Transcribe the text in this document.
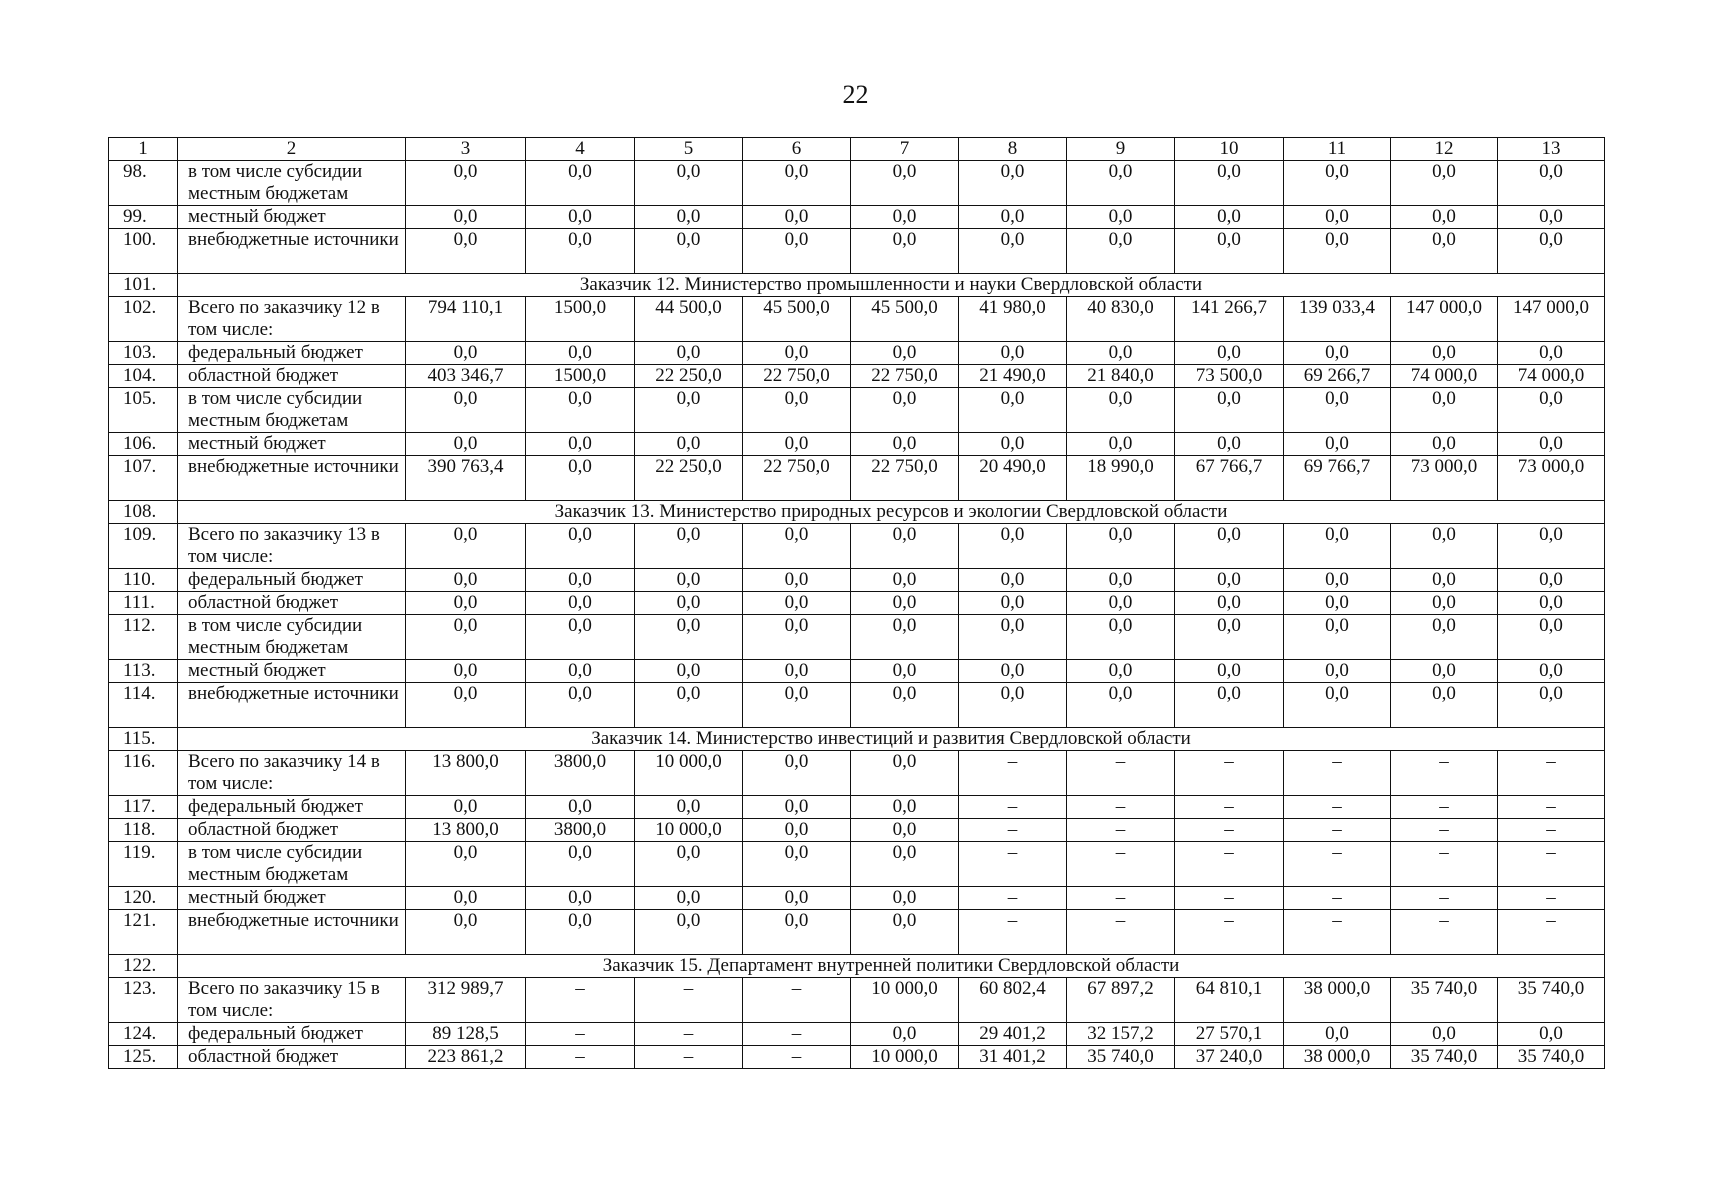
22
1	2	3	4	5	6	7	8	9	10	11	12	13
98.	в том числе субсидии местным бюджетам	0,0	0,0	0,0	0,0	0,0	0,0	0,0	0,0	0,0	0,0	0,0
99.	местный бюджет	0,0	0,0	0,0	0,0	0,0	0,0	0,0	0,0	0,0	0,0	0,0
100.	внебюджетные источники	0,0	0,0	0,0	0,0	0,0	0,0	0,0	0,0	0,0	0,0	0,0
101.	Заказчик 12. Министерство промышленности и науки Свердловской области											
102.	Всего по заказчику 12 в том числе:	794 110,1	1500,0	44 500,0	45 500,0	45 500,0	41 980,0	40 830,0	141 266,7	139 033,4	147 000,0	147 000,0
103.	федеральный бюджет	0,0	0,0	0,0	0,0	0,0	0,0	0,0	0,0	0,0	0,0	0,0
104.	областной бюджет	403 346,7	1500,0	22 250,0	22 750,0	22 750,0	21 490,0	21 840,0	73 500,0	69 266,7	74 000,0	74 000,0
105.	в том числе субсидии местным бюджетам	0,0	0,0	0,0	0,0	0,0	0,0	0,0	0,0	0,0	0,0	0,0
106.	местный бюджет	0,0	0,0	0,0	0,0	0,0	0,0	0,0	0,0	0,0	0,0	0,0
107.	внебюджетные источники	390 763,4	0,0	22 250,0	22 750,0	22 750,0	20 490,0	18 990,0	67 766,7	69 766,7	73 000,0	73 000,0
108.	Заказчик 13. Министерство природных ресурсов и экологии Свердловской области											
109.	Всего по заказчику 13 в том числе:	0,0	0,0	0,0	0,0	0,0	0,0	0,0	0,0	0,0	0,0	0,0
110.	федеральный бюджет	0,0	0,0	0,0	0,0	0,0	0,0	0,0	0,0	0,0	0,0	0,0
111.	областной бюджет	0,0	0,0	0,0	0,0	0,0	0,0	0,0	0,0	0,0	0,0	0,0
112.	в том числе субсидии местным бюджетам	0,0	0,0	0,0	0,0	0,0	0,0	0,0	0,0	0,0	0,0	0,0
113.	местный бюджет	0,0	0,0	0,0	0,0	0,0	0,0	0,0	0,0	0,0	0,0	0,0
114.	внебюджетные источники	0,0	0,0	0,0	0,0	0,0	0,0	0,0	0,0	0,0	0,0	0,0
115.	Заказчик 14. Министерство инвестиций и развития Свердловской области											
116.	Всего по заказчику 14 в том числе:	13 800,0	3800,0	10 000,0	0,0	0,0	–	–	–	–	–	–
117.	федеральный бюджет	0,0	0,0	0,0	0,0	0,0	–	–	–	–	–	–
118.	областной бюджет	13 800,0	3800,0	10 000,0	0,0	0,0	–	–	–	–	–	–
119.	в том числе субсидии местным бюджетам	0,0	0,0	0,0	0,0	0,0	–	–	–	–	–	–
120.	местный бюджет	0,0	0,0	0,0	0,0	0,0	–	–	–	–	–	–
121.	внебюджетные источники	0,0	0,0	0,0	0,0	0,0	–	–	–	–	–	–
122.	Заказчик 15. Департамент внутренней политики Свердловской области											
123.	Всего по заказчику 15 в том числе:	312 989,7	–	–	–	10 000,0	60 802,4	67 897,2	64 810,1	38 000,0	35 740,0	35 740,0
124.	федеральный бюджет	89 128,5	–	–	–	0,0	29 401,2	32 157,2	27 570,1	0,0	0,0	0,0
125.	областной бюджет	223 861,2	–	–	–	10 000,0	31 401,2	35 740,0	37 240,0	38 000,0	35 740,0	35 740,0
